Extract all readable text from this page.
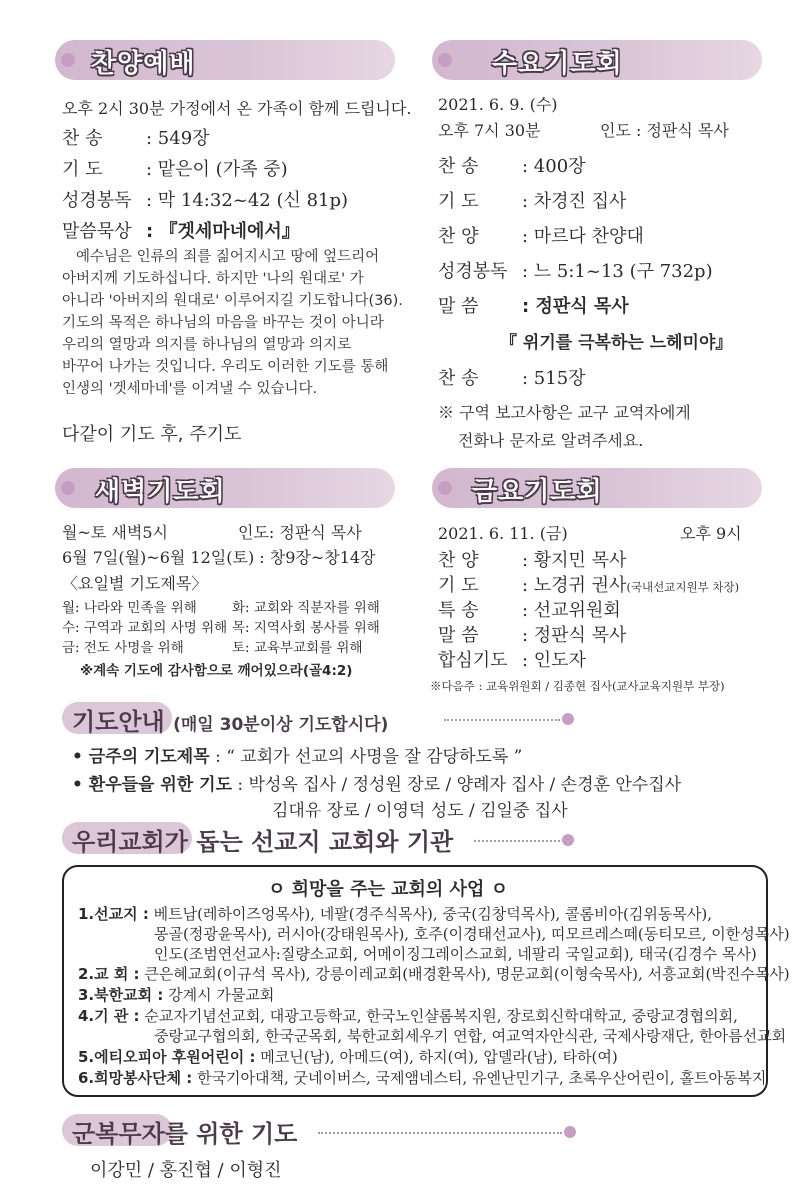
찬양예배
오후 2시 30분 가정에서 온 가족이 함께 드립니다.
찬 송 : 549장
기 도 : 맡은이 (가족 중)
성경봉독 : 막 14:32~42 (신 81p)
말씀묵상 : 『겟세마네에서』
예수님은 인류의 죄를 짊어지시고 땅에 엎드리어
아버지께 기도하십니다. 하지만 '나의 원대로' 가
아니라 '아버지의 원대로' 이루어지길 기도합니다(36).
기도의 목적은 하나님의 마음을 바꾸는 것이 아니라
우리의 열망과 의지를 하나님의 열망과 의지로
바꾸어 나가는 것입니다. 우리도 이러한 기도를 통해
인생의 '겟세마네'를 이겨낼 수 있습니다.
다같이 기도 후, 주기도
수요기도회
2021. 6. 9. (수)
오후 7시 30분	인도 : 정판식 목사
찬 송 : 400장
기 도 : 차경진 집사
찬 양 : 마르다 찬양대
성경봉독 : 느 5:1~13 (구 732p)
말 씀 : 정판식 목사
『 위기를 극복하는 느헤미야』
찬 송 : 515장
※ 구역 보고사항은 교구 교역자에게
전화나 문자로 알려주세요.
새벽기도회
월~토 새벽5시	인도: 정판식 목사
6월 7일(월)~6월 12일(토) : 창9장~창14장
〈요일별 기도제목〉
월: 나라와 민족을 위해	화: 교회와 직분자를 위해
수: 구역과 교회의 사명 위해 목: 지역사회 봉사를 위해
금: 전도 사명을 위해	토: 교육부교회를 위해
※계속 기도에 감사함으로 깨어있으라(골4:2)
금요기도회
2021. 6. 11. (금)	오후 9시
찬 양 : 황지민 목사
기 도 : 노경귀 권사(국내선교지원부 차장)
특 송 : 선교위원회
말 씀 : 정판식 목사
합심기도 : 인도자
※다음주 : 교육위원회 / 김종현 집사(교사교육지원부 부장)
기도안내 (매일 30분이상 기도합시다)
• 금주의 기도제목 : “ 교회가 선교의 사명을 잘 감당하도록 ”
• 환우들을 위한 기도 : 박성옥 집사 / 정성원 장로 / 양례자 집사 / 손경훈 안수집사
김대유 장로 / 이영덕 성도 / 김일중 집사
우리교회가 돕는 선교지 교회와 기관
ㅇ 희망을 주는 교회의 사업 ㅇ
1.선교지 : 베트남(레하이즈엉목사), 네팔(경주식목사), 중국(김창덕목사), 콜롬비아(김위동목사),
몽골(정광윤목사), 러시아(강태원목사), 호주(이경태선교사), 띠모르레스떼(동티모르, 이한성목사)
인도(조범연선교사:질량소교회, 어메이징그레이스교회, 네팔리 국일교회), 태국(김경수 목사)
2.교 회 : 큰은혜교회(이규석 목사), 강릉이레교회(배경환목사), 명문교회(이형숙목사), 서흥교회(박진수목사)
3.북한교회 : 강계시 가물교회
4.기 관 : 순교자기념선교회, 대광고등학교, 한국노인샬롬복지원, 장로회신학대학교, 중랑교경협의회,
중랑교구협의회, 한국군목회, 북한교회세우기 연합, 여교역자안식관, 국제사랑재단, 한아름선교회
5.에티오피아 후원어린이 : 메코닌(남), 아메드(여), 하지(여), 압델라(남), 타하(여)
6.희망봉사단체 : 한국기아대책, 굿네이버스, 국제앰네스티, 유엔난민기구, 초록우산어린이, 홀트아동복지
군복무자를 위한 기도
이강민 / 홍진협 / 이형진
